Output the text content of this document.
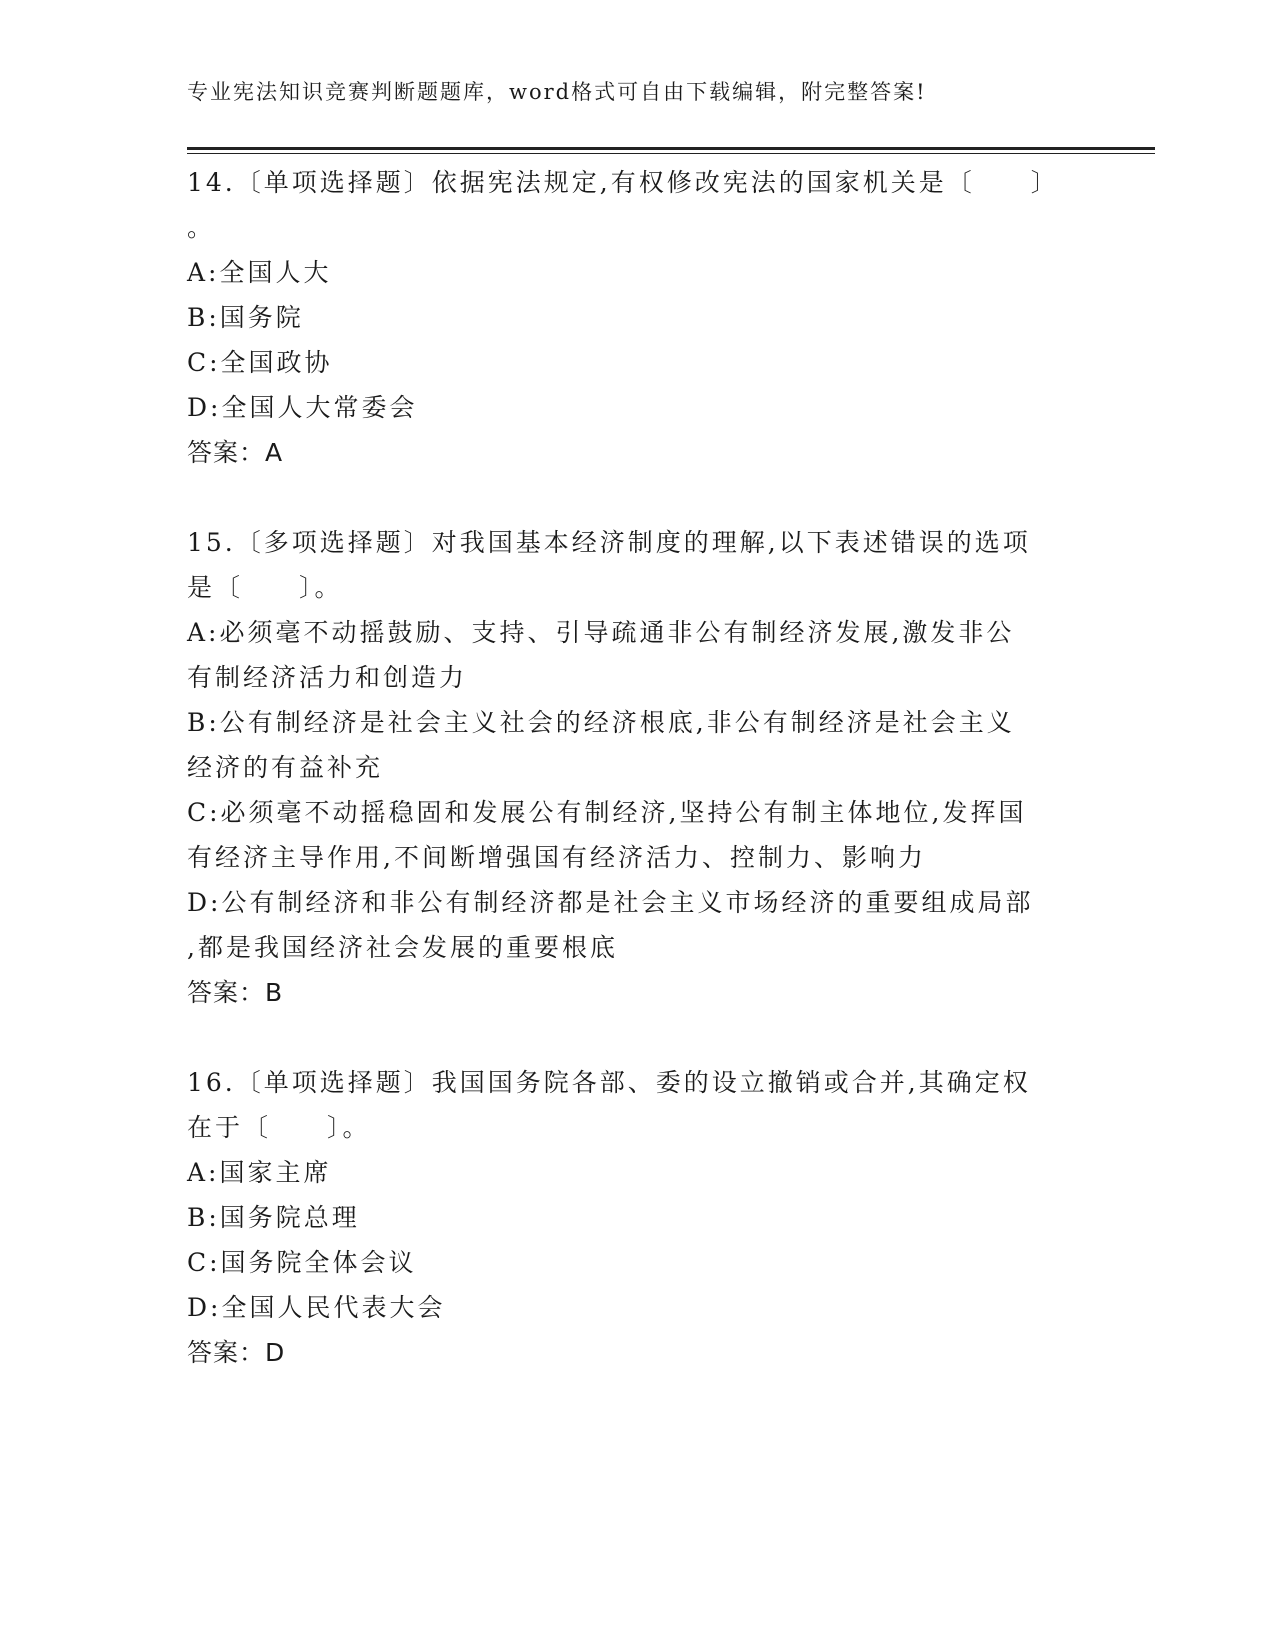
专业宪法知识竞赛判断题题库，word格式可自由下载编辑，附完整答案!
14.〔单项选择题〕依据宪法规定,有权修改宪法的国家机关是〔　　〕
。
A:全国人大
B:国务院
C:全国政协
D:全国人大常委会
答案：A
15.〔多项选择题〕对我国基本经济制度的理解,以下表述错误的选项
是〔　　〕。
A:必须毫不动摇鼓励、支持、引导疏通非公有制经济发展,激发非公
有制经济活力和创造力
B:公有制经济是社会主义社会的经济根底,非公有制经济是社会主义
经济的有益补充
C:必须毫不动摇稳固和发展公有制经济,坚持公有制主体地位,发挥国
有经济主导作用,不间断增强国有经济活力、控制力、影响力
D:公有制经济和非公有制经济都是社会主义市场经济的重要组成局部
,都是我国经济社会发展的重要根底
答案：B
16.〔单项选择题〕我国国务院各部、委的设立撤销或合并,其确定权
在于〔　　〕。
A:国家主席
B:国务院总理
C:国务院全体会议
D:全国人民代表大会
答案：D
